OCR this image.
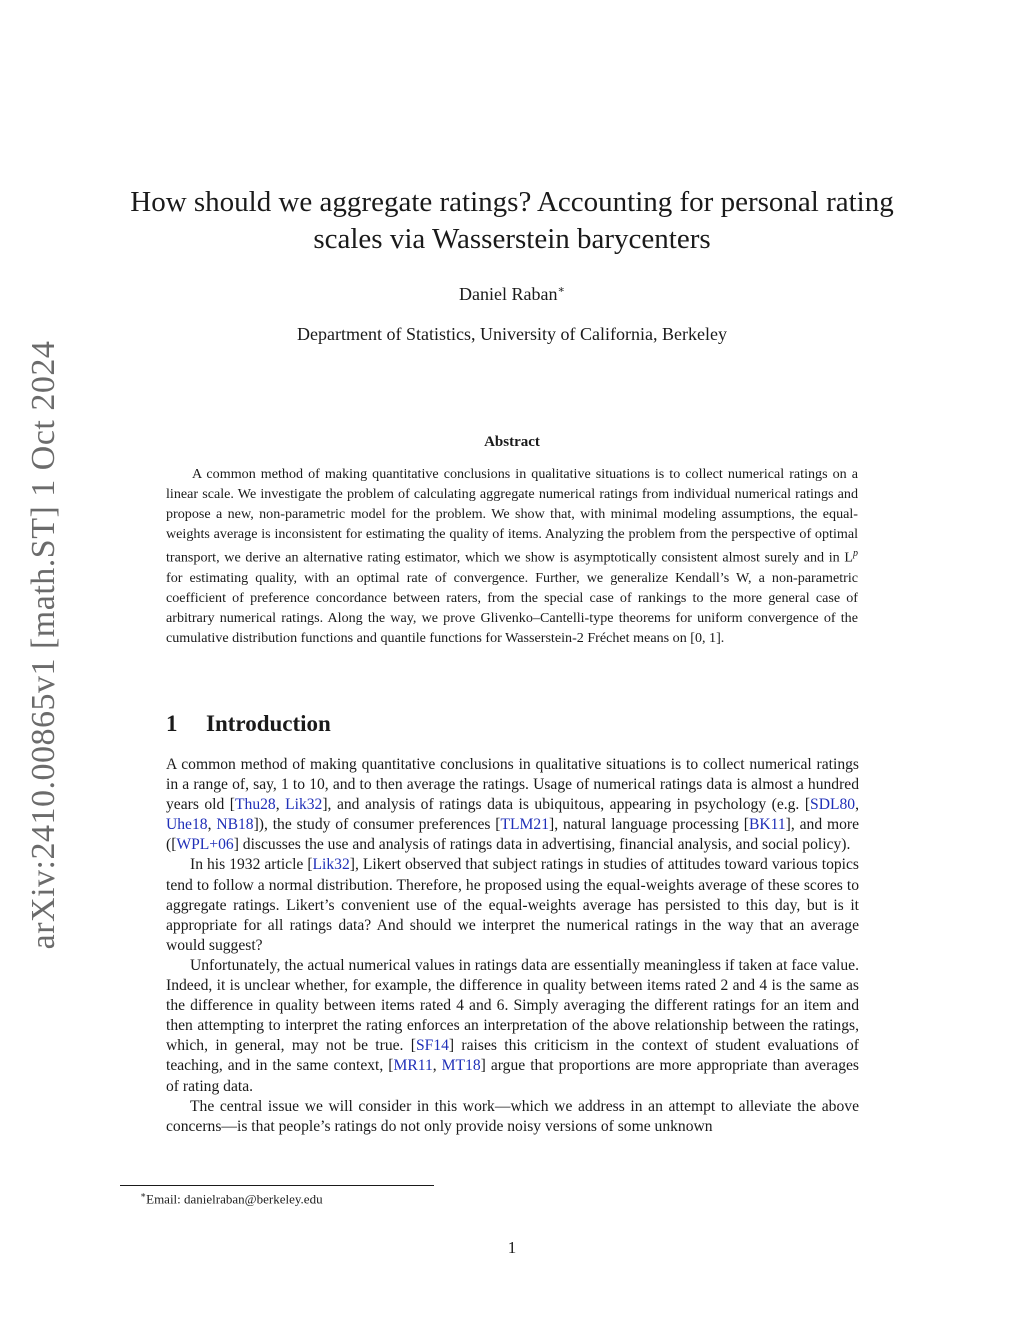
arXiv:2410.00865v1 [math.ST] 1 Oct 2024
How should we aggregate ratings? Accounting for personal rating scales via Wasserstein barycenters
Daniel Raban∗
Department of Statistics, University of California, Berkeley
Abstract

A common method of making quantitative conclusions in qualitative situations is to collect numerical ratings on a linear scale. We investigate the problem of calculating aggregate numerical ratings from individual numerical ratings and propose a new, non-parametric model for the problem. We show that, with minimal modeling assumptions, the equal-weights average is inconsistent for estimating the quality of items. Analyzing the problem from the perspective of optimal transport, we derive an alternative rating estimator, which we show is asymptotically consistent almost surely and in $L^p$ for estimating quality, with an optimal rate of convergence. Further, we generalize Kendall’s W, a non-parametric coefficient of preference concordance between raters, from the special case of rankings to the more general case of arbitrary numerical ratings. Along the way, we prove Glivenko–Cantelli-type theorems for uniform convergence of the cumulative distribution functions and quantile functions for Wasserstein-2 Fréchet means on [0, 1].

1 Introduction

A common method of making quantitative conclusions in qualitative situations is to collect numerical ratings in a range of, say, 1 to 10, and to then average the ratings. Usage of numerical ratings data is almost a hundred years old [Thu28, Lik32], and analysis of ratings data is ubiquitous, appearing in psychology (e.g. [SDL80, Uhe18, NB18]), the study of consumer preferences [TLM21], natural language processing [BK11], and more ([WPL+06] discusses the use and analysis of ratings data in advertising, financial analysis, and social policy).

In his 1932 article [Lik32], Likert observed that subject ratings in studies of attitudes toward various topics tend to follow a normal distribution. Therefore, he proposed using the equal-weights average of these scores to aggregate ratings. Likert’s convenient use of the equal-weights average has persisted to this day, but is it appropriate for all ratings data? And should we interpret the numerical ratings in the way that an average would suggest?

Unfortunately, the actual numerical values in ratings data are essentially meaningless if taken at face value. Indeed, it is unclear whether, for example, the difference in quality between items rated 2 and 4 is the same as the difference in quality between items rated 4 and 6. Simply averaging the different ratings for an item and then attempting to interpret the rating enforces an interpretation of the above relationship between the ratings, which, in general, may not be true. [SF14] raises this criticism in the context of student evaluations of teaching, and in the same context, [MR11, MT18] argue that proportions are more appropriate than averages of rating data.

The central issue we will consider in this work—which we address in an attempt to alleviate the above concerns—is that people’s ratings do not only provide noisy versions of some unknown

∗Email: danielraban@berkeley.edu
1
